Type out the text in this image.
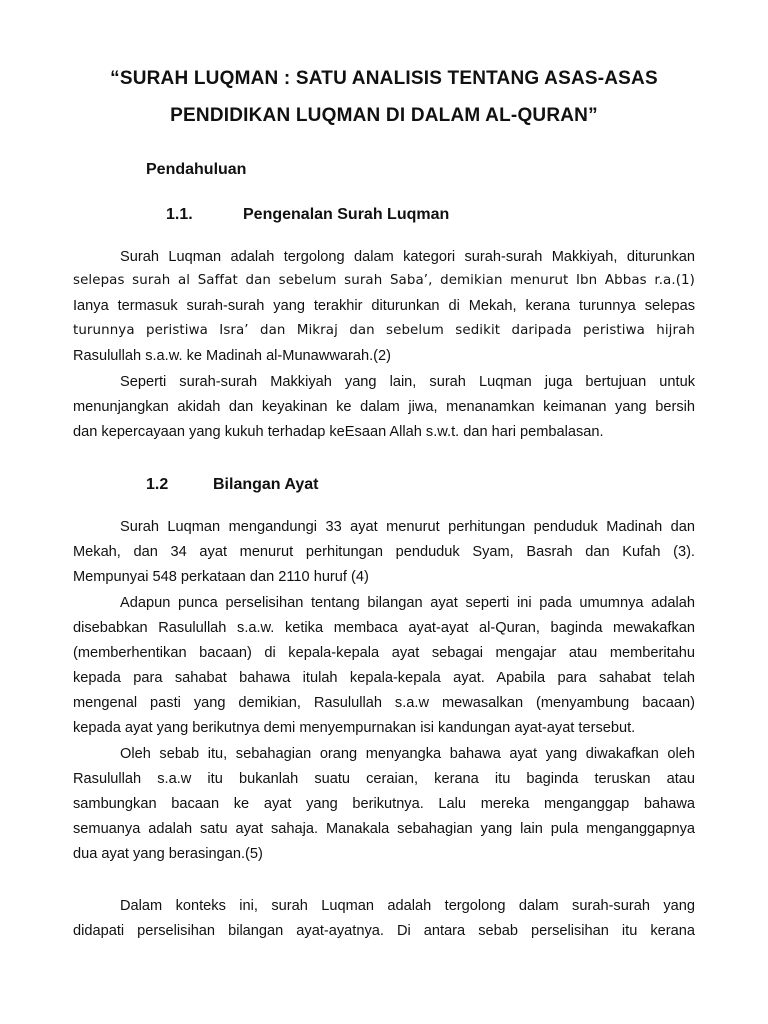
“SURAH LUQMAN : SATU ANALISIS TENTANG ASAS-ASAS
PENDIDIKAN LUQMAN DI DALAM AL-QURAN”
Pendahuluan
1.1.	Pengenalan Surah Luqman
Surah Luqman adalah tergolong dalam kategori surah-surah Makkiyah, diturunkan
selepas surah al Saffat dan sebelum surah Saba’, demikian menurut Ibn Abbas r.a.(1)
Ianya termasuk surah-surah yang terakhir diturunkan di Mekah, kerana turunnya selepas
turunnya peristiwa Isra’ dan Mikraj dan sebelum sedikit daripada peristiwa hijrah
Rasulullah s.a.w. ke Madinah al-Munawwarah.(2)
Seperti surah-surah Makkiyah yang lain, surah Luqman juga bertujuan untuk
menunjangkan akidah dan keyakinan ke dalam jiwa, menanamkan keimanan yang bersih
dan kepercayaan yang kukuh terhadap keEsaan Allah s.w.t. dan hari pembalasan.
1.2	Bilangan Ayat
Surah Luqman mengandungi 33 ayat menurut perhitungan penduduk Madinah dan
Mekah, dan 34 ayat menurut perhitungan penduduk Syam, Basrah dan Kufah (3).
Mempunyai 548 perkataan dan 2110 huruf (4)
Adapun punca perselisihan tentang bilangan ayat seperti ini pada umumnya adalah
disebabkan Rasulullah s.a.w. ketika membaca ayat-ayat al-Quran, baginda mewakafkan
(memberhentikan bacaan) di kepala-kepala ayat sebagai mengajar atau memberitahu
kepada para sahabat bahawa itulah kepala-kepala ayat. Apabila para sahabat telah
mengenal pasti yang demikian, Rasulullah s.a.w mewasalkan (menyambung bacaan)
kepada ayat yang berikutnya demi menyempurnakan isi kandungan ayat-ayat tersebut.
Oleh sebab itu, sebahagian orang menyangka bahawa ayat yang diwakafkan oleh
Rasulullah s.a.w itu bukanlah suatu ceraian, kerana itu baginda teruskan atau
sambungkan bacaan ke ayat yang berikutnya. Lalu mereka menganggap bahawa
semuanya adalah satu ayat sahaja. Manakala sebahagian yang lain pula menganggapnya
dua ayat yang berasingan.(5)
Dalam konteks ini, surah Luqman adalah tergolong dalam surah-surah yang
didapati perselisihan bilangan ayat-ayatnya. Di antara sebab perselisihan itu kerana
